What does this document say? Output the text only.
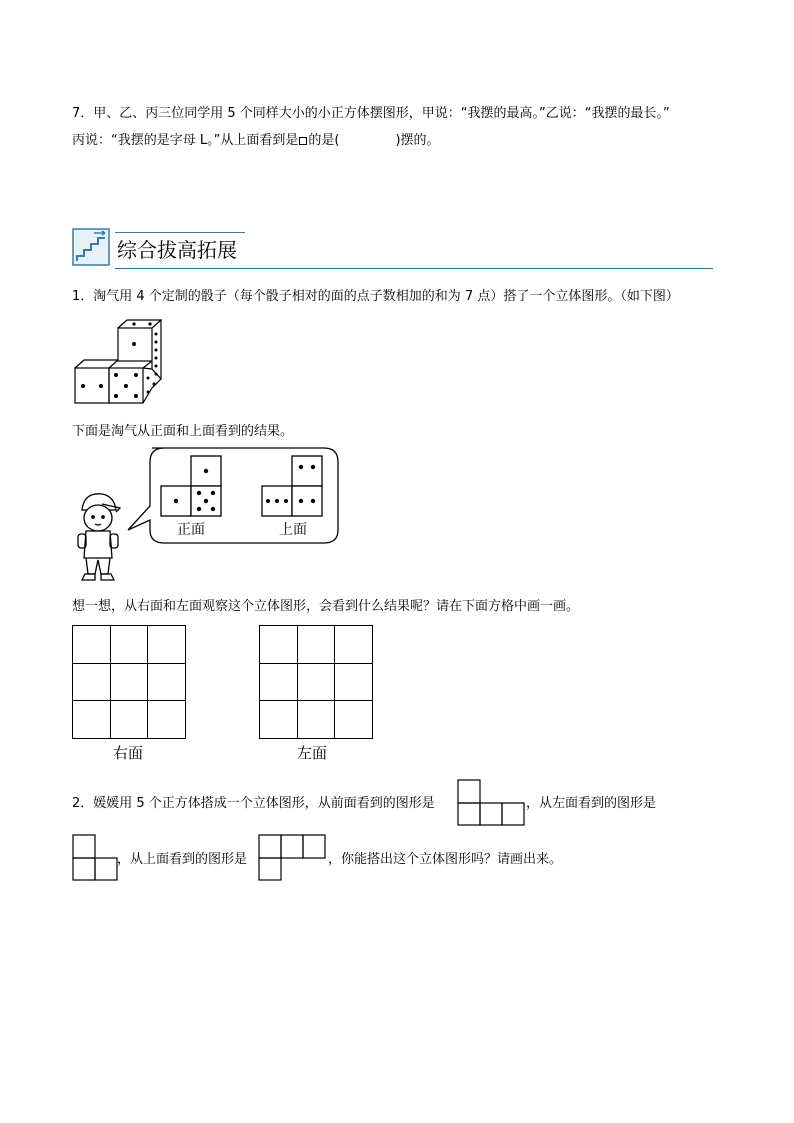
7．甲、乙、丙三位同学用 5 个同样大小的小正方体摆图形，甲说：“我摆的最高。”乙说：“我摆的最长。”
丙说：“我摆的是字母 L。”从上面看到是 的是(	)摆的。
综合拔高拓展
1．淘气用 4 个定制的骰子（每个骰子相对的面的点子数相加的和为 7 点）搭了一个立体图形。（如下图）
下面是淘气从正面和上面看到的结果。
正面	上面
想一想，从右面和左面观察这个立体图形，会看到什么结果呢？请在下面方格中画一画。
右面	左面
2．媛媛用 5 个正方体搭成一个立体图形，从前面看到的图形是	，从左面看到的图形是
，从上面看到的图形是	，你能搭出这个立体图形吗？请画出来。
